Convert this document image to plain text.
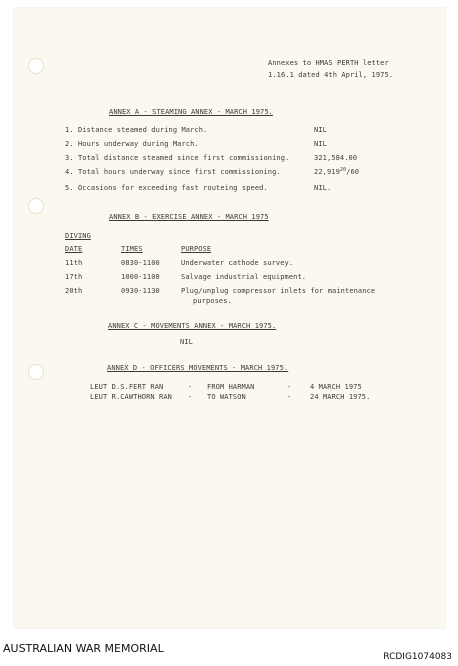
Annexes to HMAS PERTH letter
1.16.1 dated 4th April, 1975.
ANNEX A - STEAMING ANNEX - MARCH 1975.
1. Distance steamed during March.	NIL
2. Hours underway during March.	NIL
3. Total distance steamed since first commissioning.	321,584.00
4. Total hours underway since first commissioning.	22,919$^{20}$/60
5. Occasions for exceeding fast routeing speed.	NIL.
ANNEX B - EXERCISE ANNEX - MARCH 1975
DIVING
DATE	TIMES	PURPOSE
11th	0830-1100	Underwater cathode survey.
17th	1000-1100	Salvage industrial equipment.
20th	0930-1130	Plug/unplug compressor inlets for maintenance
purposes.
ANNEX C - MOVEMENTS ANNEX - MARCH 1975.
NIL
ANNEX D - OFFICERS MOVEMENTS - MARCH 1975.
LEUT D.S.FERT RAN	- FROM HARMAN	-	4 MARCH 1975
LEUT R.CAWTHORN RAN - TO WATSON	-	24 MARCH 1975.
AUSTRALIAN WAR MEMORIAL
RCDIG1074083
